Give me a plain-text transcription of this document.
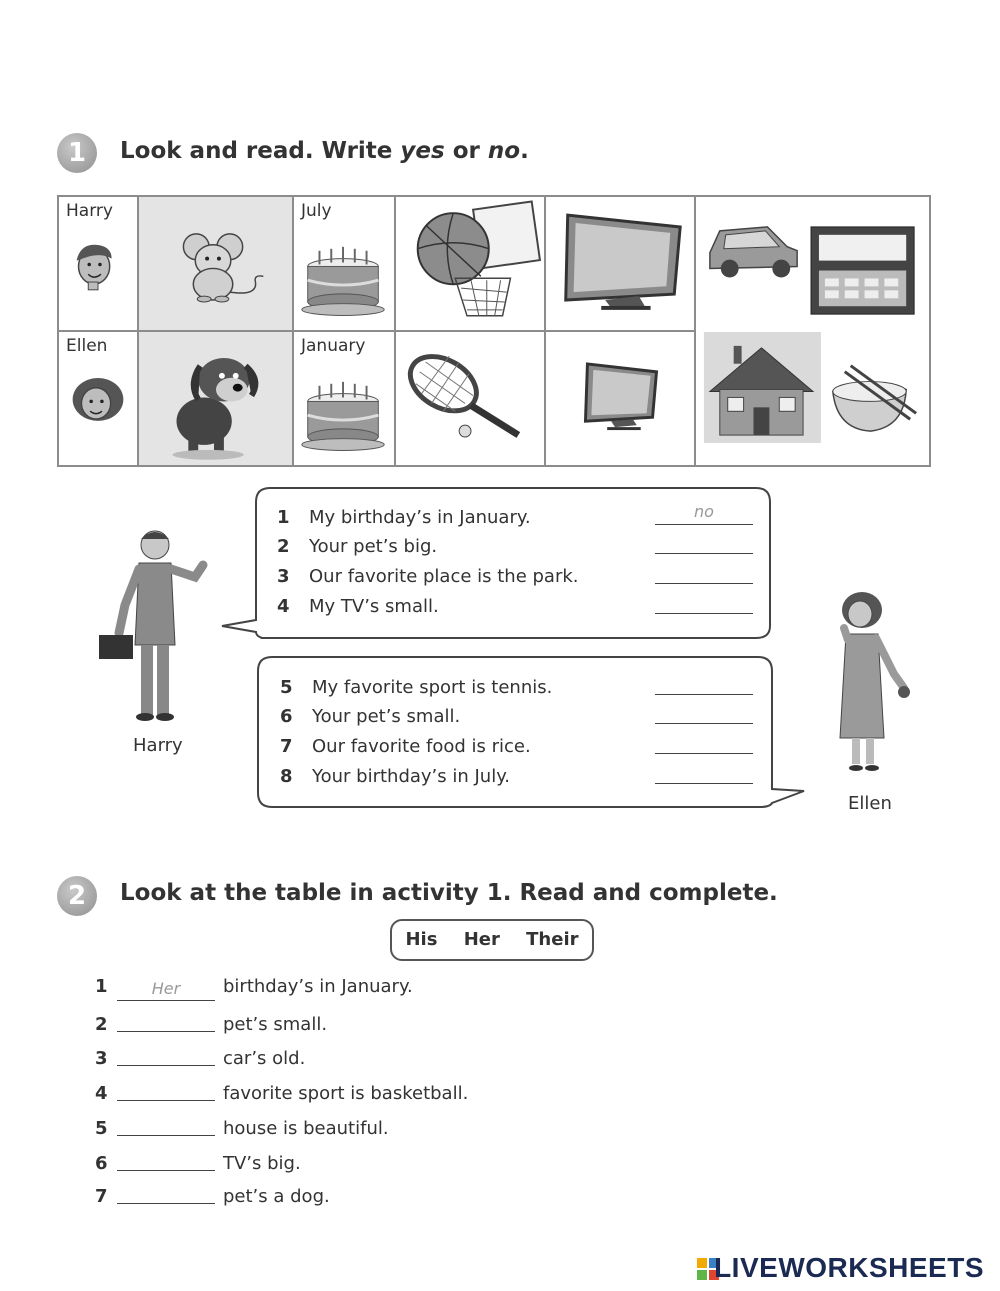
1	Look and read. Write yes or no.
Harry		July

Ellen		January

Harry
Ellen
1 My birthday’s in January.	no
2 Your pet’s big.
3 Our favorite place is the park.
4 My TV’s small.
5 My favorite sport is tennis.
6 Your pet’s small.
7 Our favorite food is rice.
8 Your birthday’s in July.
2	Look at the table in activity 1. Read and complete.
His Her Their
1	Her birthday’s in January.
2	pet’s small.
3	car’s old.
4	favorite sport is basketball.
5	house is beautiful.
6	TV’s big.
7	pet’s a dog.
LIVEWORKSHEETS
